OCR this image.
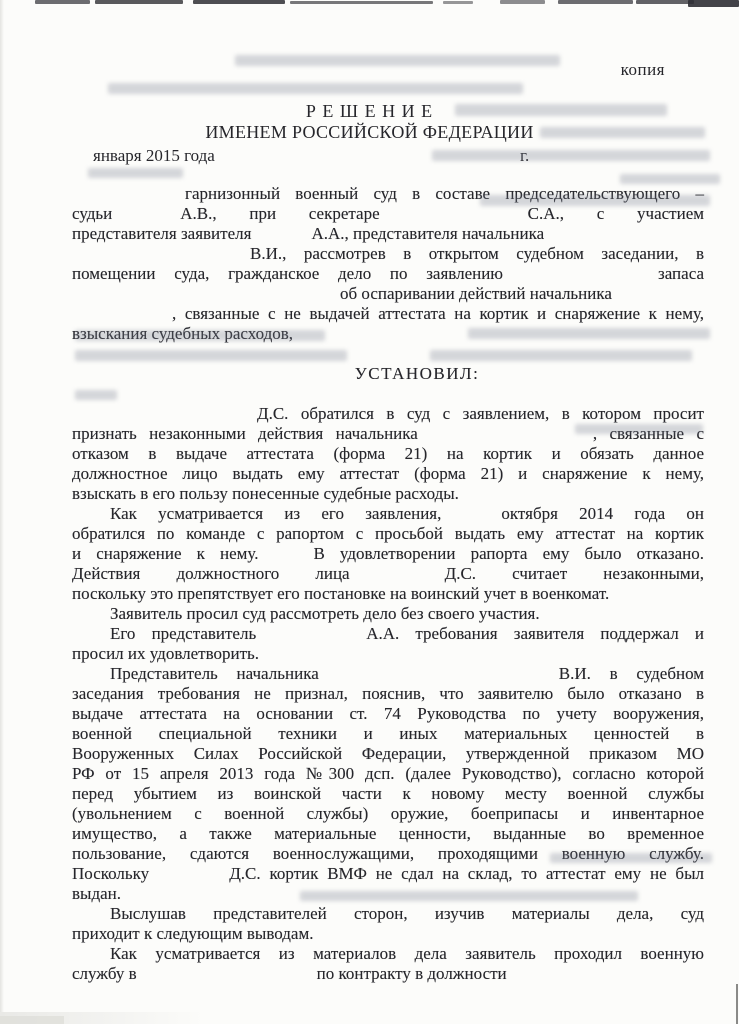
копия
Р Е Ш Е Н И Е
ИМЕНЕМ РОССИЙСКОЙ ФЕДЕРАЦИИ
января 2015 года	г.
гарнизонный военный суд в составе председательствующего –
судьи	А.В., при секретаре	С.А., с участием
представителя заявителя	А.А., представителя начальника
В.И., рассмотрев в открытом судебном заседании, в
помещении суда, гражданское дело по заявлению	запаса
об оспаривании действий начальника
, связанные с не выдачей аттестата на кортик и снаряжение к нему,
взыскания судебных расходов,
УСТАНОВИЛ:
Д.С. обратился в суд с заявлением, в котором просит
признать незаконными действия начальника	, связанные с
отказом в выдаче аттестата (форма 21) на кортик и обязать данное
должностное лицо выдать ему аттестат (форма 21) и снаряжение к нему,
взыскать в его пользу понесенные судебные расходы.
Как усматривается из его заявления,	октября 2014 года он
обратился по команде с рапортом с просьбой выдать ему аттестат на кортик
и снаряжение к нему.	В удовлетворении рапорта ему было отказано.
Действия должностного лица	Д.С. считает незаконными,
поскольку это препятствует его постановке на воинский учет в военкомат.
Заявитель просил суд рассмотреть дело без своего участия.
Его представитель	А.А. требования заявителя поддержал и
просил их удовлетворить.
Представитель начальника	В.И. в судебном
заседания требования не признал, пояснив, что заявителю было отказано в
выдаче аттестата на основании ст. 74 Руководства по учету вооружения,
военной специальной техники и иных материальных ценностей в
Вооруженных Силах Российской Федерации, утвержденной приказом МО
РФ от 15 апреля 2013 года №300 дсп. (далее Руководство), согласно которой
перед убытием из воинской части к новому месту военной службы
(увольнением с военной службы) оружие, боеприпасы и инвентарное
имущество, а также материальные ценности, выданные во временное
пользование, сдаются военнослужащими, проходящими военную службу.
Поскольку	Д.С. кортик ВМФ не сдал на склад, то аттестат ему не был
выдан.
Выслушав представителей сторон, изучив материалы дела, суд
приходит к следующим выводам.
Как усматривается из материалов дела заявитель проходил военную
службу в	по контракту в должности
